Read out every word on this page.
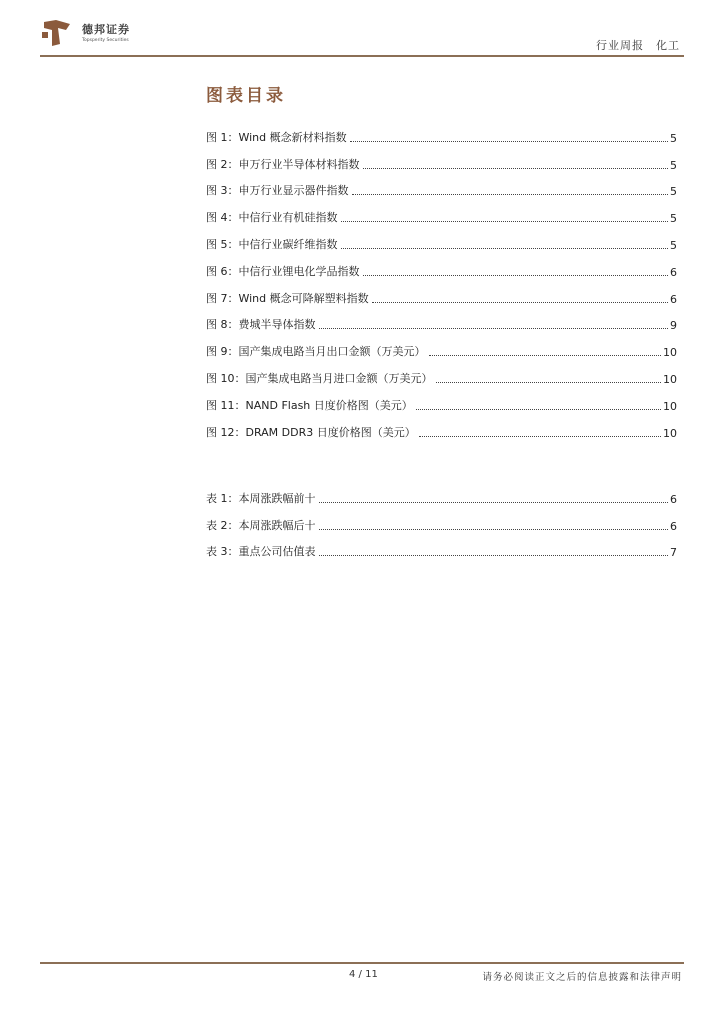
德邦证券
Topsperity Securities	行业周报　化工
图表目录
图 1：Wind 概念新材料指数	5
图 2：申万行业半导体材料指数	5
图 3：申万行业显示器件指数	5
图 4：中信行业有机硅指数	5
图 5：中信行业碳纤维指数	5
图 6：中信行业锂电化学品指数	6
图 7：Wind 概念可降解塑料指数	6
图 8：费城半导体指数	9
图 9：国产集成电路当月出口金额（万美元）	10
图 10：国产集成电路当月进口金额（万美元）	10
图 11：NAND Flash 日度价格图（美元）	10
图 12：DRAM DDR3 日度价格图（美元）	10
表 1：本周涨跌幅前十	6
表 2：本周涨跌幅后十	6
表 3：重点公司估值表	7
4 / 11	请务必阅读正文之后的信息披露和法律声明
